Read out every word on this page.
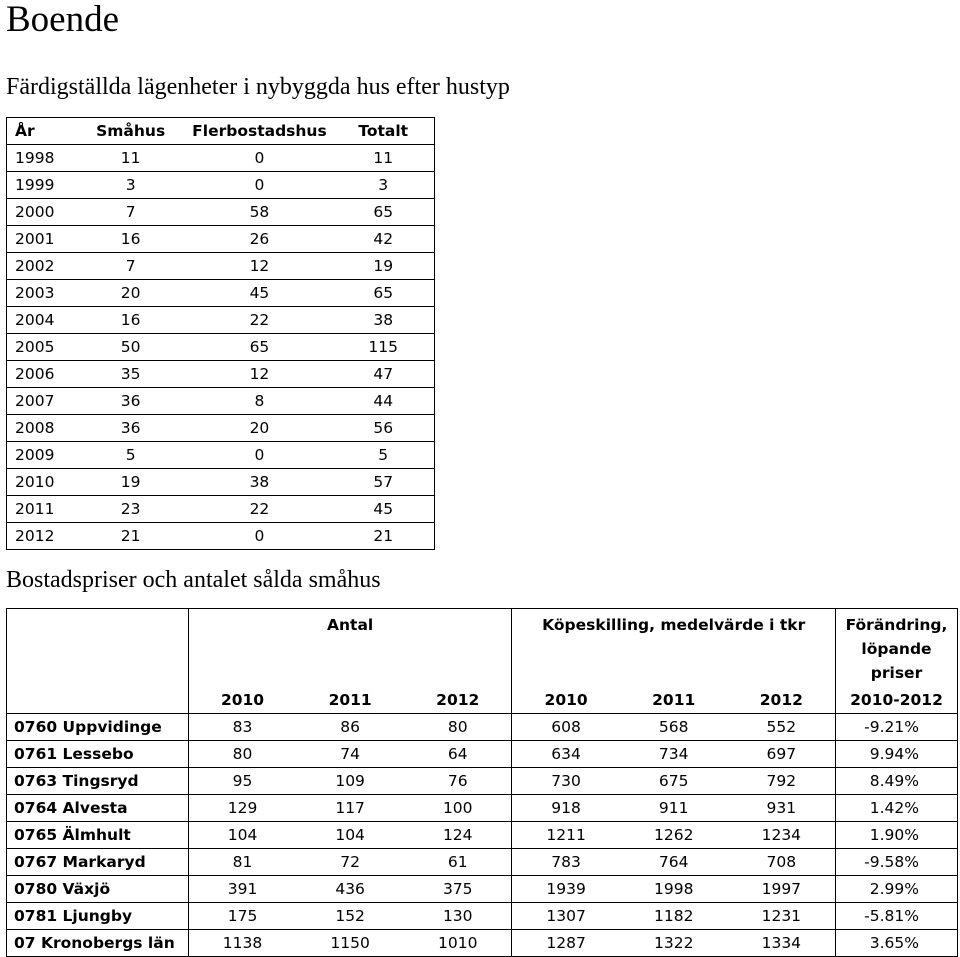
Boende
Färdigställda lägenheter i nybyggda hus efter hustyp
År	Småhus	Flerbostadshus	Totalt
1998	11	0	11
1999	3	0	3
2000	7	58	65
2001	16	26	42
2002	7	12	19
2003	20	45	65
2004	16	22	38
2005	50	65	115
2006	35	12	47
2007	36	8	44
2008	36	20	56
2009	5	0	5
2010	19	38	57
2011	23	22	45
2012	21	0	21
Bostadspriser och antalet sålda småhus
	Antal			Köpeskilling, medelvärde i tkr			Förändring,
löpande
priser

	2010	2011	2012	2010	2011	2012	2010-2012
0760 Uppvidinge	83	86	80	608	568	552	-9.21%
0761 Lessebo	80	74	64	634	734	697	9.94%
0763 Tingsryd	95	109	76	730	675	792	8.49%
0764 Alvesta	129	117	100	918	911	931	1.42%
0765 Älmhult	104	104	124	1211	1262	1234	1.90%
0767 Markaryd	81	72	61	783	764	708	-9.58%
0780 Växjö	391	436	375	1939	1998	1997	2.99%
0781 Ljungby	175	152	130	1307	1182	1231	-5.81%
07 Kronobergs län	1138	1150	1010	1287	1322	1334	3.65%
